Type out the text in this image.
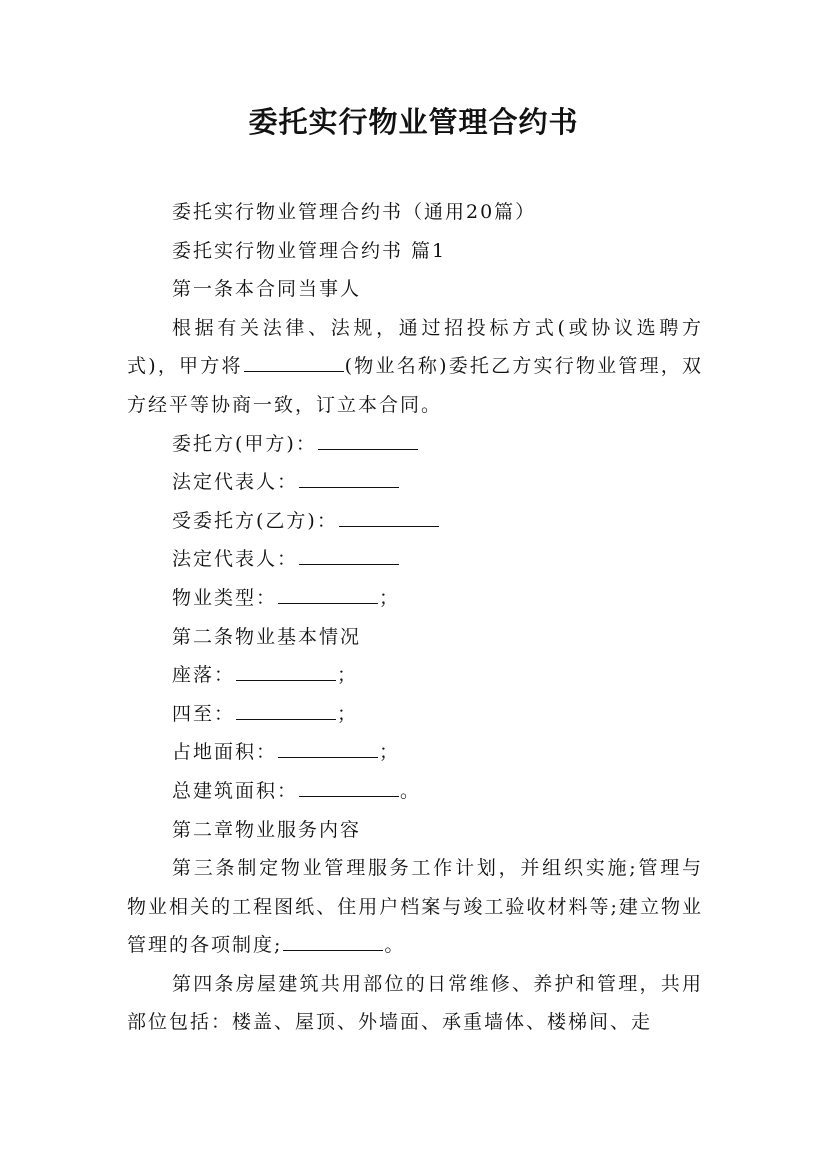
委托实行物业管理合约书

委托实行物业管理合约书（通用20篇）

委托实行物业管理合约书 篇1

第一条本合同当事人

根据有关法律、法规，通过招投标方式(或协议选聘方式)，甲方将	(物业名称)委托乙方实行物业管理，双方经平等协商一致，订立本合同。

委托方(甲方)：

法定代表人：

受委托方(乙方)：

法定代表人：

物业类型：	；

第二条物业基本情况

座落：	；

四至：	；

占地面积：	；

总建筑面积：	。

第二章物业服务内容

第三条制定物业管理服务工作计划，并组织实施;管理与物业相关的工程图纸、住用户档案与竣工验收材料等;建立物业管理的各项制度;	。

第四条房屋建筑共用部位的日常维修、养护和管理，共用部位包括：楼盖、屋顶、外墙面、承重墙体、楼梯间、走
